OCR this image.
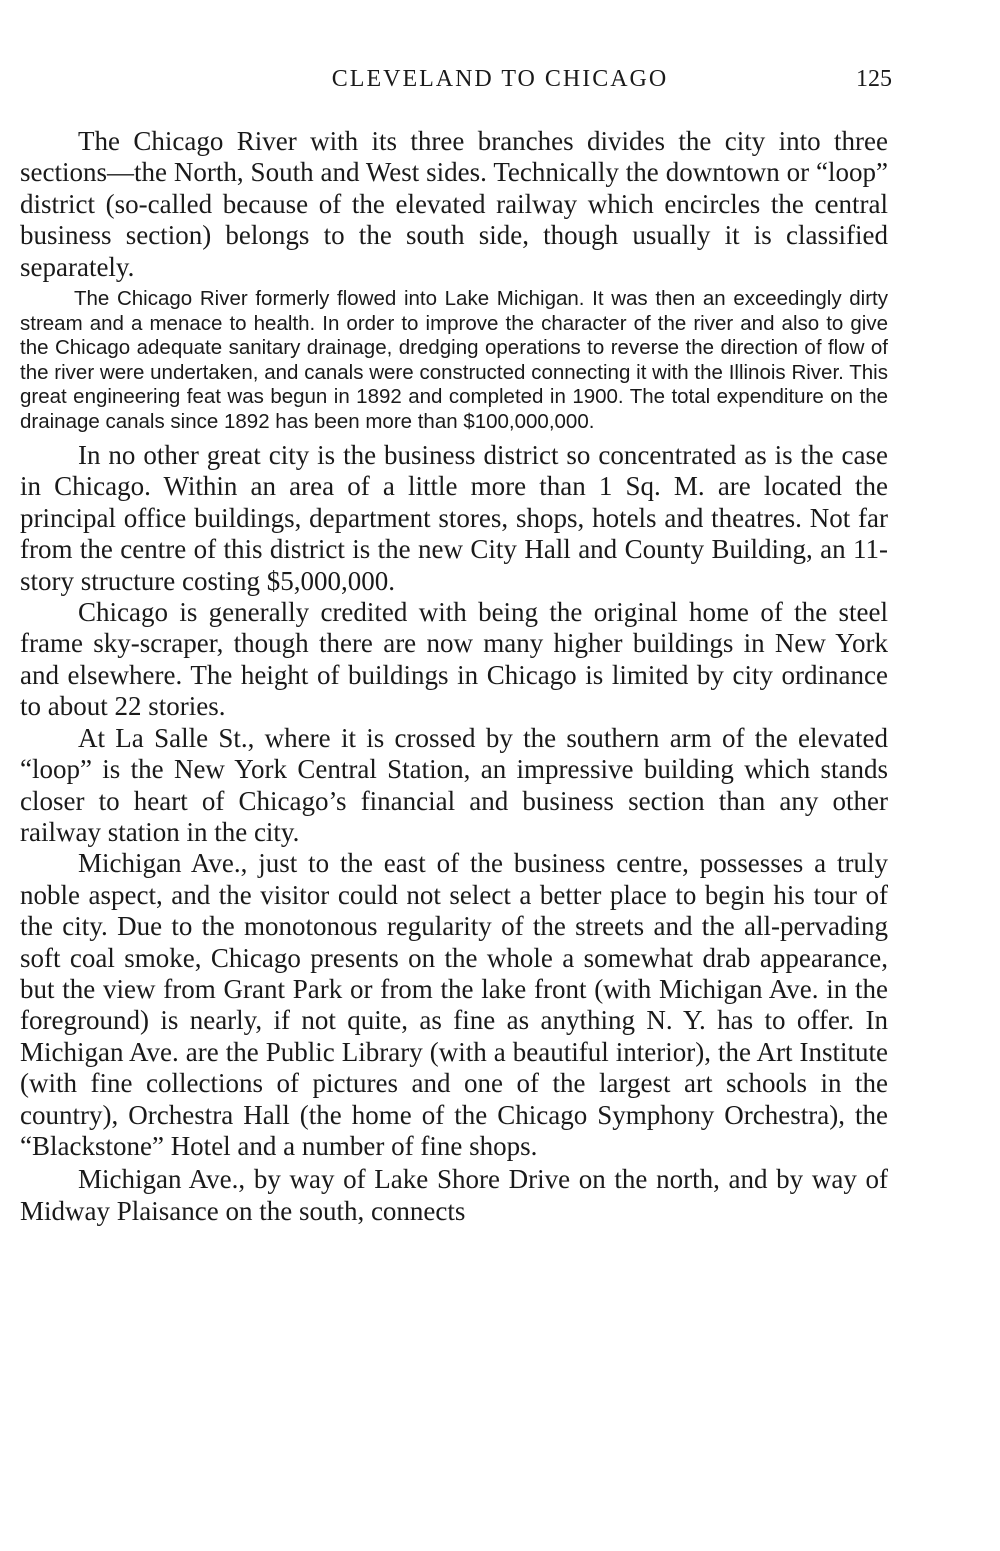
CLEVELAND TO CHICAGO	125

The Chicago River with its three branches divides the city into three sections—the North, South and West sides. Technically the downtown or “loop” district (so-called because of the elevated railway which encircles the central business section) belongs to the south side, though usually it is classified separately.

The Chicago River formerly flowed into Lake Michigan. It was then an exceedingly dirty stream and a menace to health. In order to improve the character of the river and also to give the Chicago adequate sanitary drainage, dredging operations to reverse the direction of flow of the river were undertaken, and canals were constructed connecting it with the Illinois River. This great engineering feat was begun in 1892 and completed in 1900. The total expenditure on the drainage canals since 1892 has been more than $100,000,000.

In no other great city is the business district so concentrated as is the case in Chicago. Within an area of a little more than 1 Sq. M. are located the principal office buildings, department stores, shops, hotels and theatres. Not far from the centre of this district is the new City Hall and County Building, an 11-story structure costing $5,000,000.

Chicago is generally credited with being the original home of the steel frame sky-scraper, though there are now many higher buildings in New York and elsewhere. The height of buildings in Chicago is limited by city ordinance to about 22 stories.

At La Salle St., where it is crossed by the southern arm of the elevated “loop” is the New York Central Station, an impressive building which stands closer to heart of Chicago’s financial and business section than any other railway station in the city.

Michigan Ave., just to the east of the business centre, possesses a truly noble aspect, and the visitor could not select a better place to begin his tour of the city. Due to the monotonous regularity of the streets and the all-pervading soft coal smoke, Chicago presents on the whole a somewhat drab appearance, but the view from Grant Park or from the lake front (with Michigan Ave. in the foreground) is nearly, if not quite, as fine as anything N. Y. has to offer. In Michigan Ave. are the Public Library (with a beautiful interior), the Art Institute (with fine collections of pictures and one of the largest art schools in the country), Orchestra Hall (the home of the Chicago Symphony Orchestra), the “Blackstone” Hotel and a number of fine shops.

Michigan Ave., by way of Lake Shore Drive on the north, and by way of Midway Plaisance on the south, connects
